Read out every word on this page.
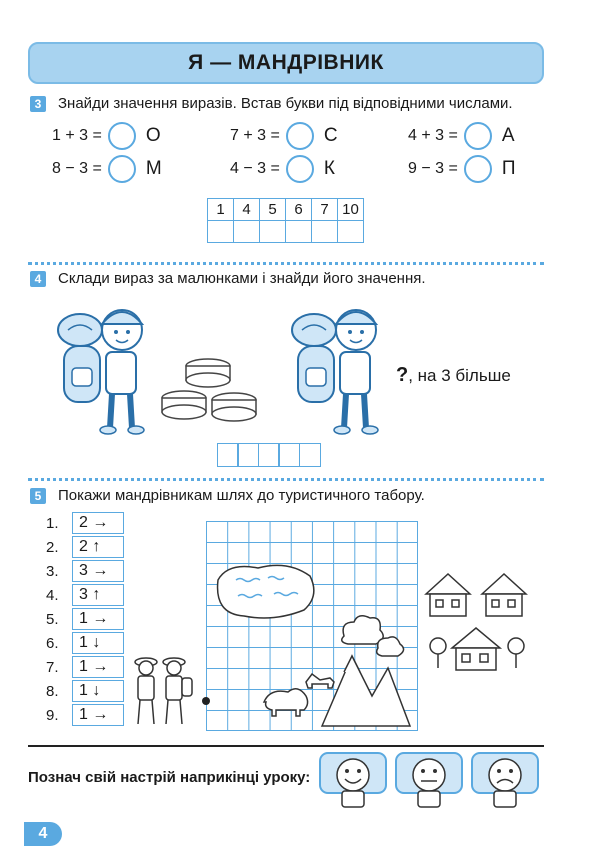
Я — МАНДРІВНИК
3	Знайди значення виразів. Встав букви під відповідними числами.
1 + 3 = О	7 + 3 = С	4 + 3 = А
8 − 3 = М	4 − 3 = К	9 − 3 = П
1	4	5	6	7	10

4	Склади вираз за малюнками і знайди його значення.
?, на 3 більше
5	Покажи мандрівникам шлях до туристичного табору.
1.	2 →
2.	2 ↑
3.	3 →
4.	3 ↑
5.	1 →
6.	1 ↓
7.	1 →
8.	1 ↓
9.	1 →
Познач свій настрій наприкінці уроку:
4
